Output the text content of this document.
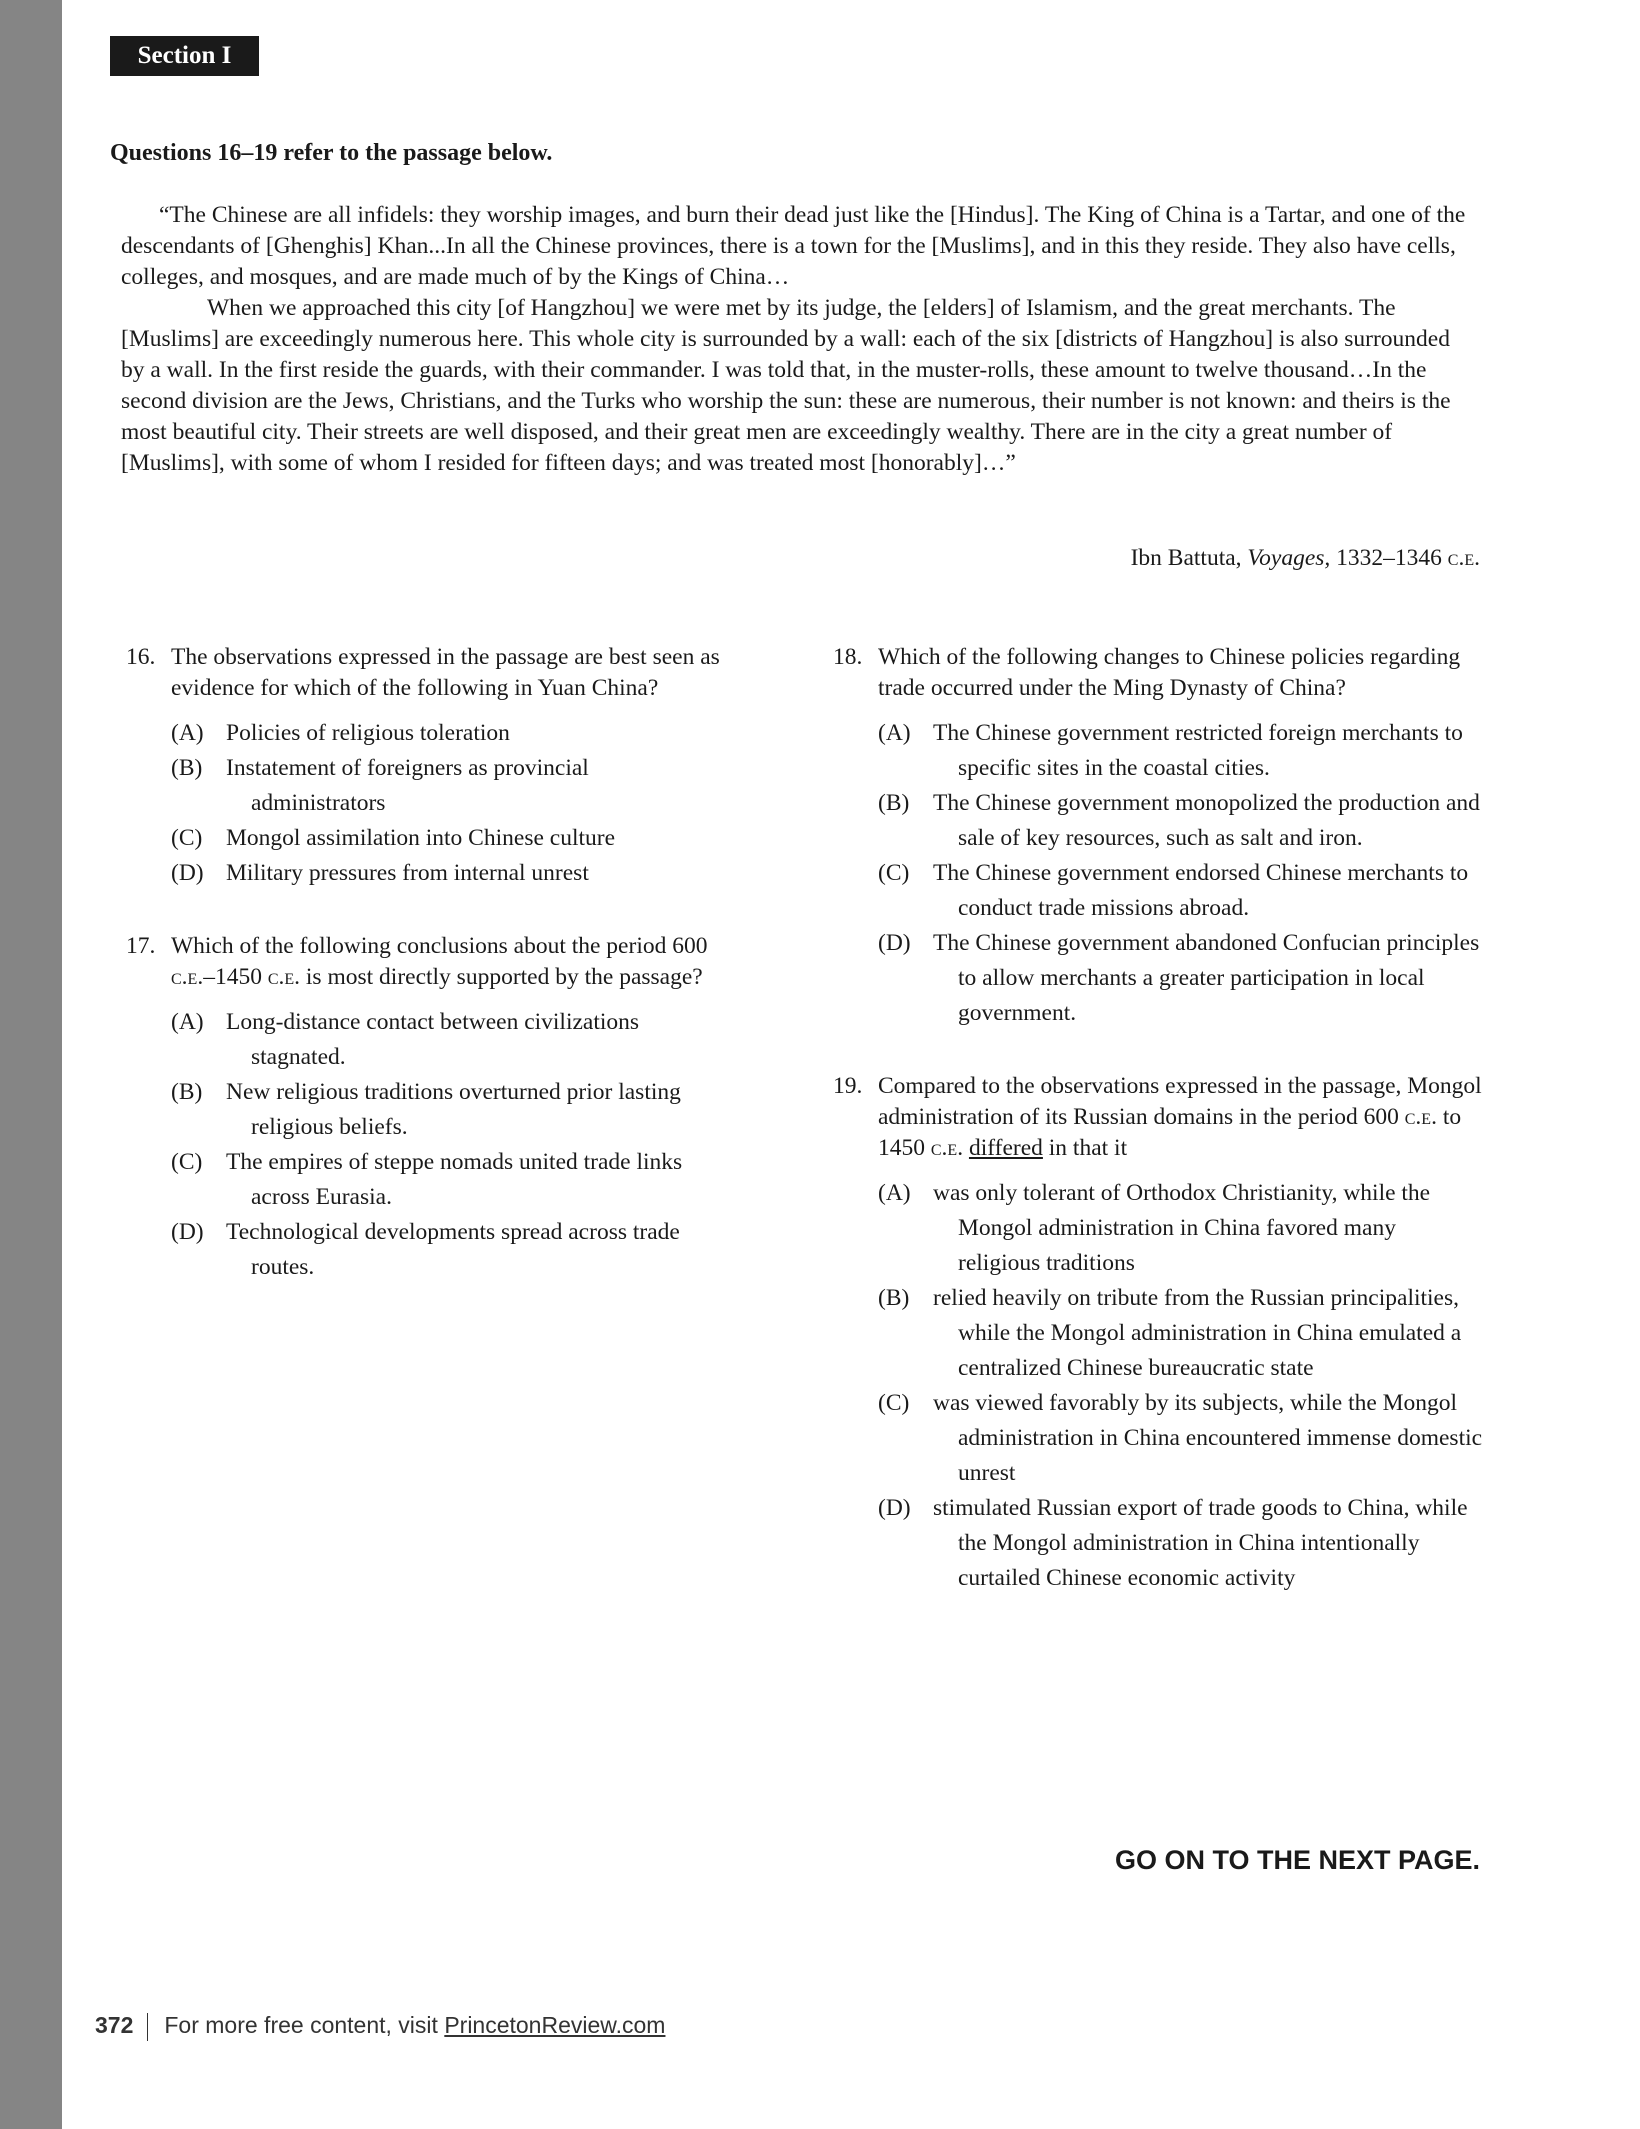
Section I
Questions 16–19 refer to the passage below.

“The Chinese are all infidels: they worship images, and burn their dead just like the [Hindus]. The King of China is a Tartar, and one of the descendants of [Ghenghis] Khan...In all the Chinese provinces, there is a town for the [Muslims], and in this they reside. They also have cells, colleges, and mosques, and are made much of by the Kings of China…

When we approached this city [of Hangzhou] we were met by its judge, the [elders] of Islamism, and the great merchants. The [Muslims] are exceedingly numerous here. This whole city is surrounded by a wall: each of the six [districts of Hangzhou] is also surrounded by a wall. In the first reside the guards, with their commander. I was told that, in the muster-rolls, these amount to twelve thousand…In the second division are the Jews, Christians, and the Turks who worship the sun: these are numerous, their number is not known: and theirs is the most beautiful city. Their streets are well disposed, and their great men are exceedingly wealthy. There are in the city a great number of [Muslims], with some of whom I resided for fifteen days; and was treated most [honorably]…”

Ibn Battuta, Voyages, 1332–1346 c.e.
16. The observations expressed in the passage are best seen as evidence for which of the following in Yuan China?
(A) Policies of religious toleration
(B) Instatement of foreigners as provincial administrators
(C) Mongol assimilation into Chinese culture
(D) Military pressures from internal unrest
17. Which of the following conclusions about the period 600 c.e.–1450 c.e. is most directly supported by the passage?
(A) Long-distance contact between civilizations stagnated.
(B) New religious traditions overturned prior lasting religious beliefs.
(C) The empires of steppe nomads united trade links across Eurasia.
(D) Technological developments spread across trade routes.
18. Which of the following changes to Chinese policies regarding trade occurred under the Ming Dynasty of China?
(A) The Chinese government restricted foreign merchants to specific sites in the coastal cities.
(B) The Chinese government monopolized the production and sale of key resources, such as salt and iron.
(C) The Chinese government endorsed Chinese merchants to conduct trade missions abroad.
(D) The Chinese government abandoned Confucian principles to allow merchants a greater participation in local government.
19. Compared to the observations expressed in the passage, Mongol administration of its Russian domains in the period 600 c.e. to 1450 c.e. differed in that it
(A) was only tolerant of Orthodox Christianity, while the Mongol administration in China favored many religious traditions
(B) relied heavily on tribute from the Russian principalities, while the Mongol administration in China emulated a centralized Chinese bureaucratic state
(C) was viewed favorably by its subjects, while the Mongol administration in China encountered immense domestic unrest
(D) stimulated Russian export of trade goods to China, while the Mongol administration in China intentionally curtailed Chinese economic activity
GO ON TO THE NEXT PAGE.
372 For more free content, visit PrincetonReview.com
